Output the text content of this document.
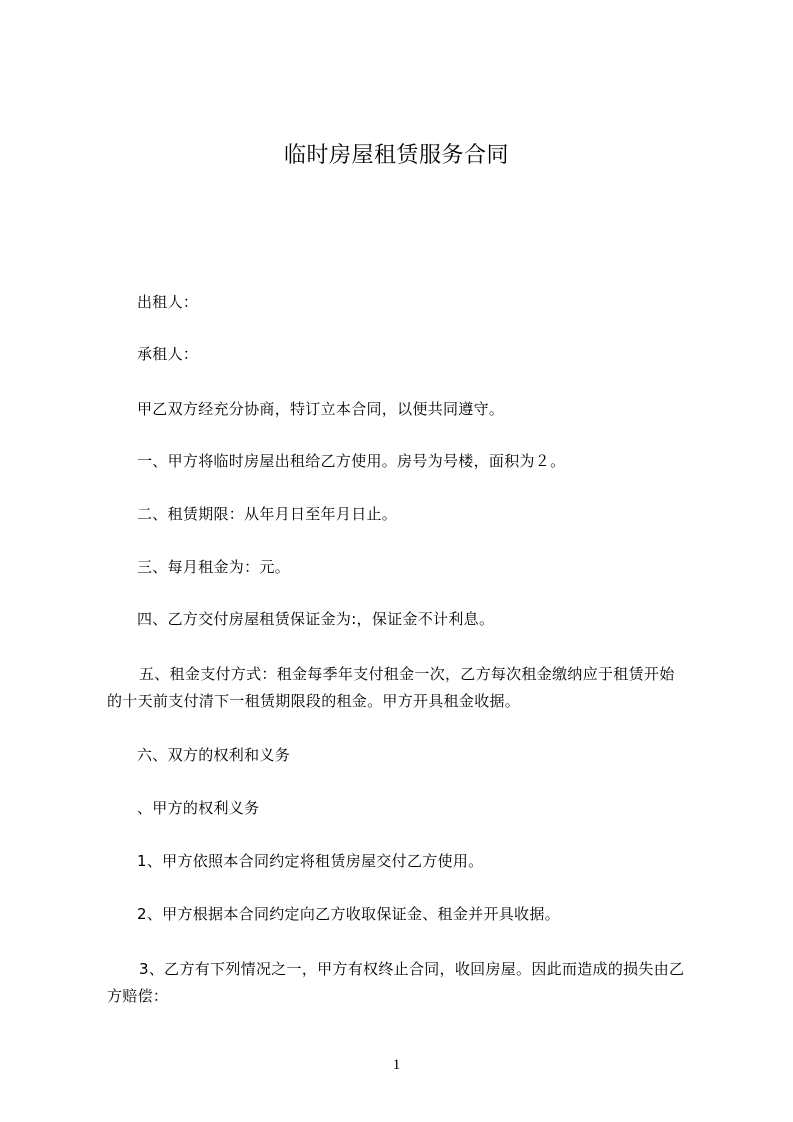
临时房屋租赁服务合同
出租人：
承租人：
甲乙双方经充分协商，特订立本合同，以便共同遵守。
一、甲方将临时房屋出租给乙方使用。房号为号楼，面积为２。
二、租赁期限：从年月日至年月日止。
三、每月租金为：元。
四、乙方交付房屋租赁保证金为:，保证金不计利息。
五、租金支付方式：租金每季年支付租金一次，乙方每次租金缴纳应于租赁开始
的十天前支付清下一租赁期限段的租金。甲方开具租金收据。
六、双方的权利和义务
、甲方的权利义务
1、甲方依照本合同约定将租赁房屋交付乙方使用。
2、甲方根据本合同约定向乙方收取保证金、租金并开具收据。
3、乙方有下列情况之一，甲方有权终止合同，收回房屋。因此而造成的损失由乙
方赔偿：
1
